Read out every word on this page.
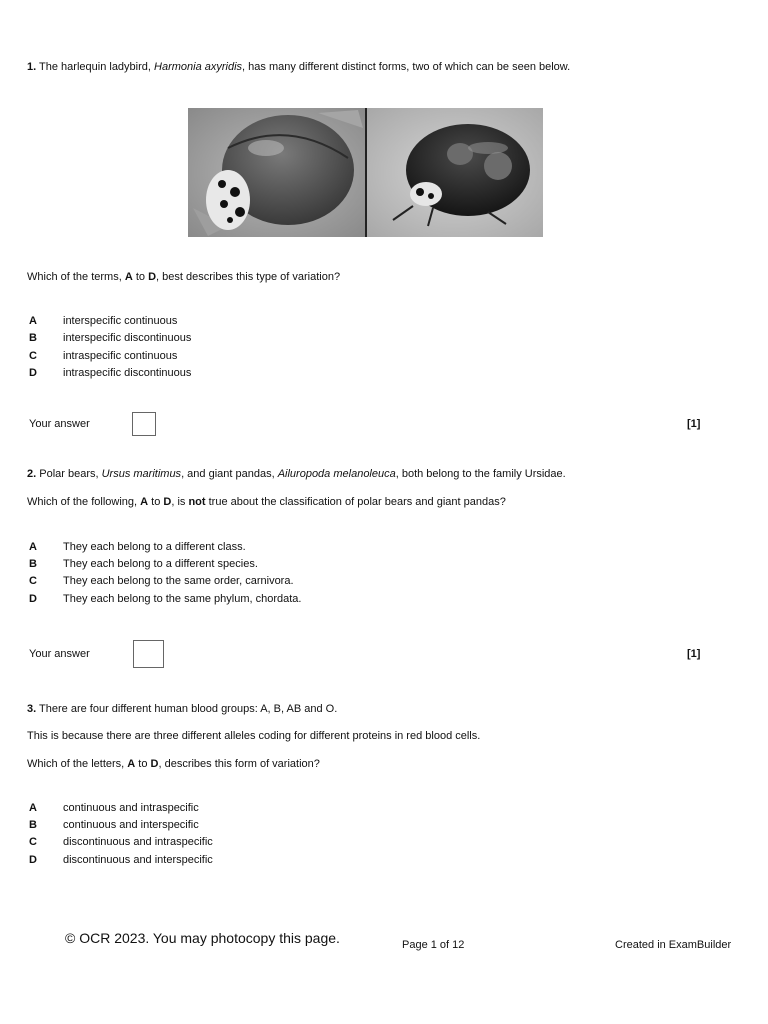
1. The harlequin ladybird, Harmonia axyridis, has many different distinct forms, two of which can be seen below.
Which of the terms, A to D, best describes this type of variation?
A interspecific continuous
B interspecific discontinuous
C intraspecific continuous
D intraspecific discontinuous
Your answer	[1]
2. Polar bears, Ursus maritimus, and giant pandas, Ailuropoda melanoleuca, both belong to the family Ursidae.
Which of the following, A to D, is not true about the classification of polar bears and giant pandas?
A They each belong to a different class.
B They each belong to a different species.
C They each belong to the same order, carnivora.
D They each belong to the same phylum, chordata.
Your answer	[1]
3. There are four different human blood groups: A, B, AB and O.
This is because there are three different alleles coding for different proteins in red blood cells.
Which of the letters, A to D, describes this form of variation?
A continuous and intraspecific
B continuous and interspecific
C discontinuous and intraspecific
D discontinuous and interspecific
© OCR 2023. You may photocopy this page.	Page 1 of 12	Created in ExamBuilder
